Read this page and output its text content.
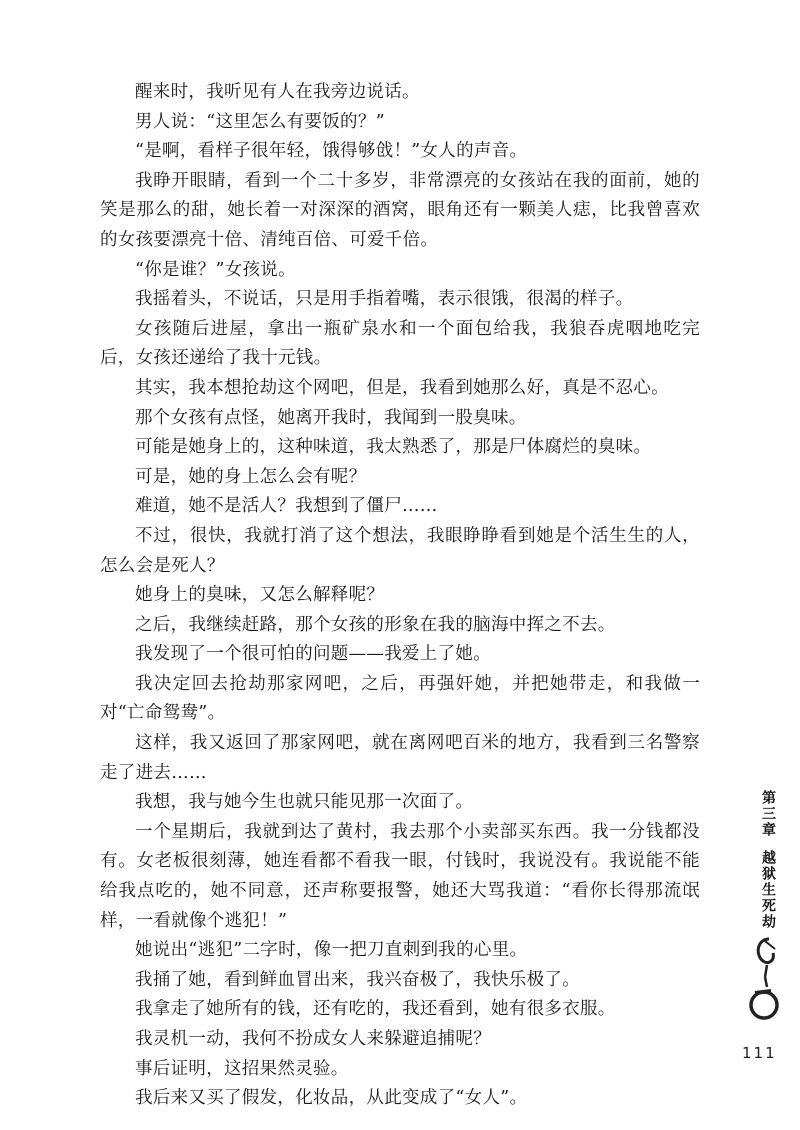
醒来时，我听见有人在我旁边说话。

男人说：“这里怎么有要饭的？”

“是啊，看样子很年轻，饿得够戗！”女人的声音。

我睁开眼睛，看到一个二十多岁，非常漂亮的女孩站在我的面前，她的笑是那么的甜，她长着一对深深的酒窝，眼角还有一颗美人痣，比我曾喜欢的女孩要漂亮十倍、清纯百倍、可爱千倍。

“你是谁？”女孩说。

我摇着头，不说话，只是用手指着嘴，表示很饿，很渴的样子。

女孩随后进屋，拿出一瓶矿泉水和一个面包给我，我狼吞虎咽地吃完后，女孩还递给了我十元钱。

其实，我本想抢劫这个网吧，但是，我看到她那么好，真是不忍心。

那个女孩有点怪，她离开我时，我闻到一股臭味。

可能是她身上的，这种味道，我太熟悉了，那是尸体腐烂的臭味。

可是，她的身上怎么会有呢？

难道，她不是活人？我想到了僵尸……

不过，很快，我就打消了这个想法，我眼睁睁看到她是个活生生的人，怎么会是死人？

她身上的臭味，又怎么解释呢？

之后，我继续赶路，那个女孩的形象在我的脑海中挥之不去。

我发现了一个很可怕的问题——我爱上了她。

我决定回去抢劫那家网吧，之后，再强奸她，并把她带走，和我做一对“亡命鸳鸯”。

这样，我又返回了那家网吧，就在离网吧百米的地方，我看到三名警察走了进去……

我想，我与她今生也就只能见那一次面了。

一个星期后，我就到达了黄村，我去那个小卖部买东西。我一分钱都没有。女老板很刻薄，她连看都不看我一眼，付钱时，我说没有。我说能不能给我点吃的，她不同意，还声称要报警，她还大骂我道：“看你长得那流氓样，一看就像个逃犯！”

她说出“逃犯”二字时，像一把刀直刺到我的心里。

我捅了她，看到鲜血冒出来，我兴奋极了，我快乐极了。

我拿走了她所有的钱，还有吃的，我还看到，她有很多衣服。

我灵机一动，我何不扮成女人来躲避追捕呢？

事后证明，这招果然灵验。

我后来又买了假发，化妆品，从此变成了“女人”。

第三章越狱生死劫
111
